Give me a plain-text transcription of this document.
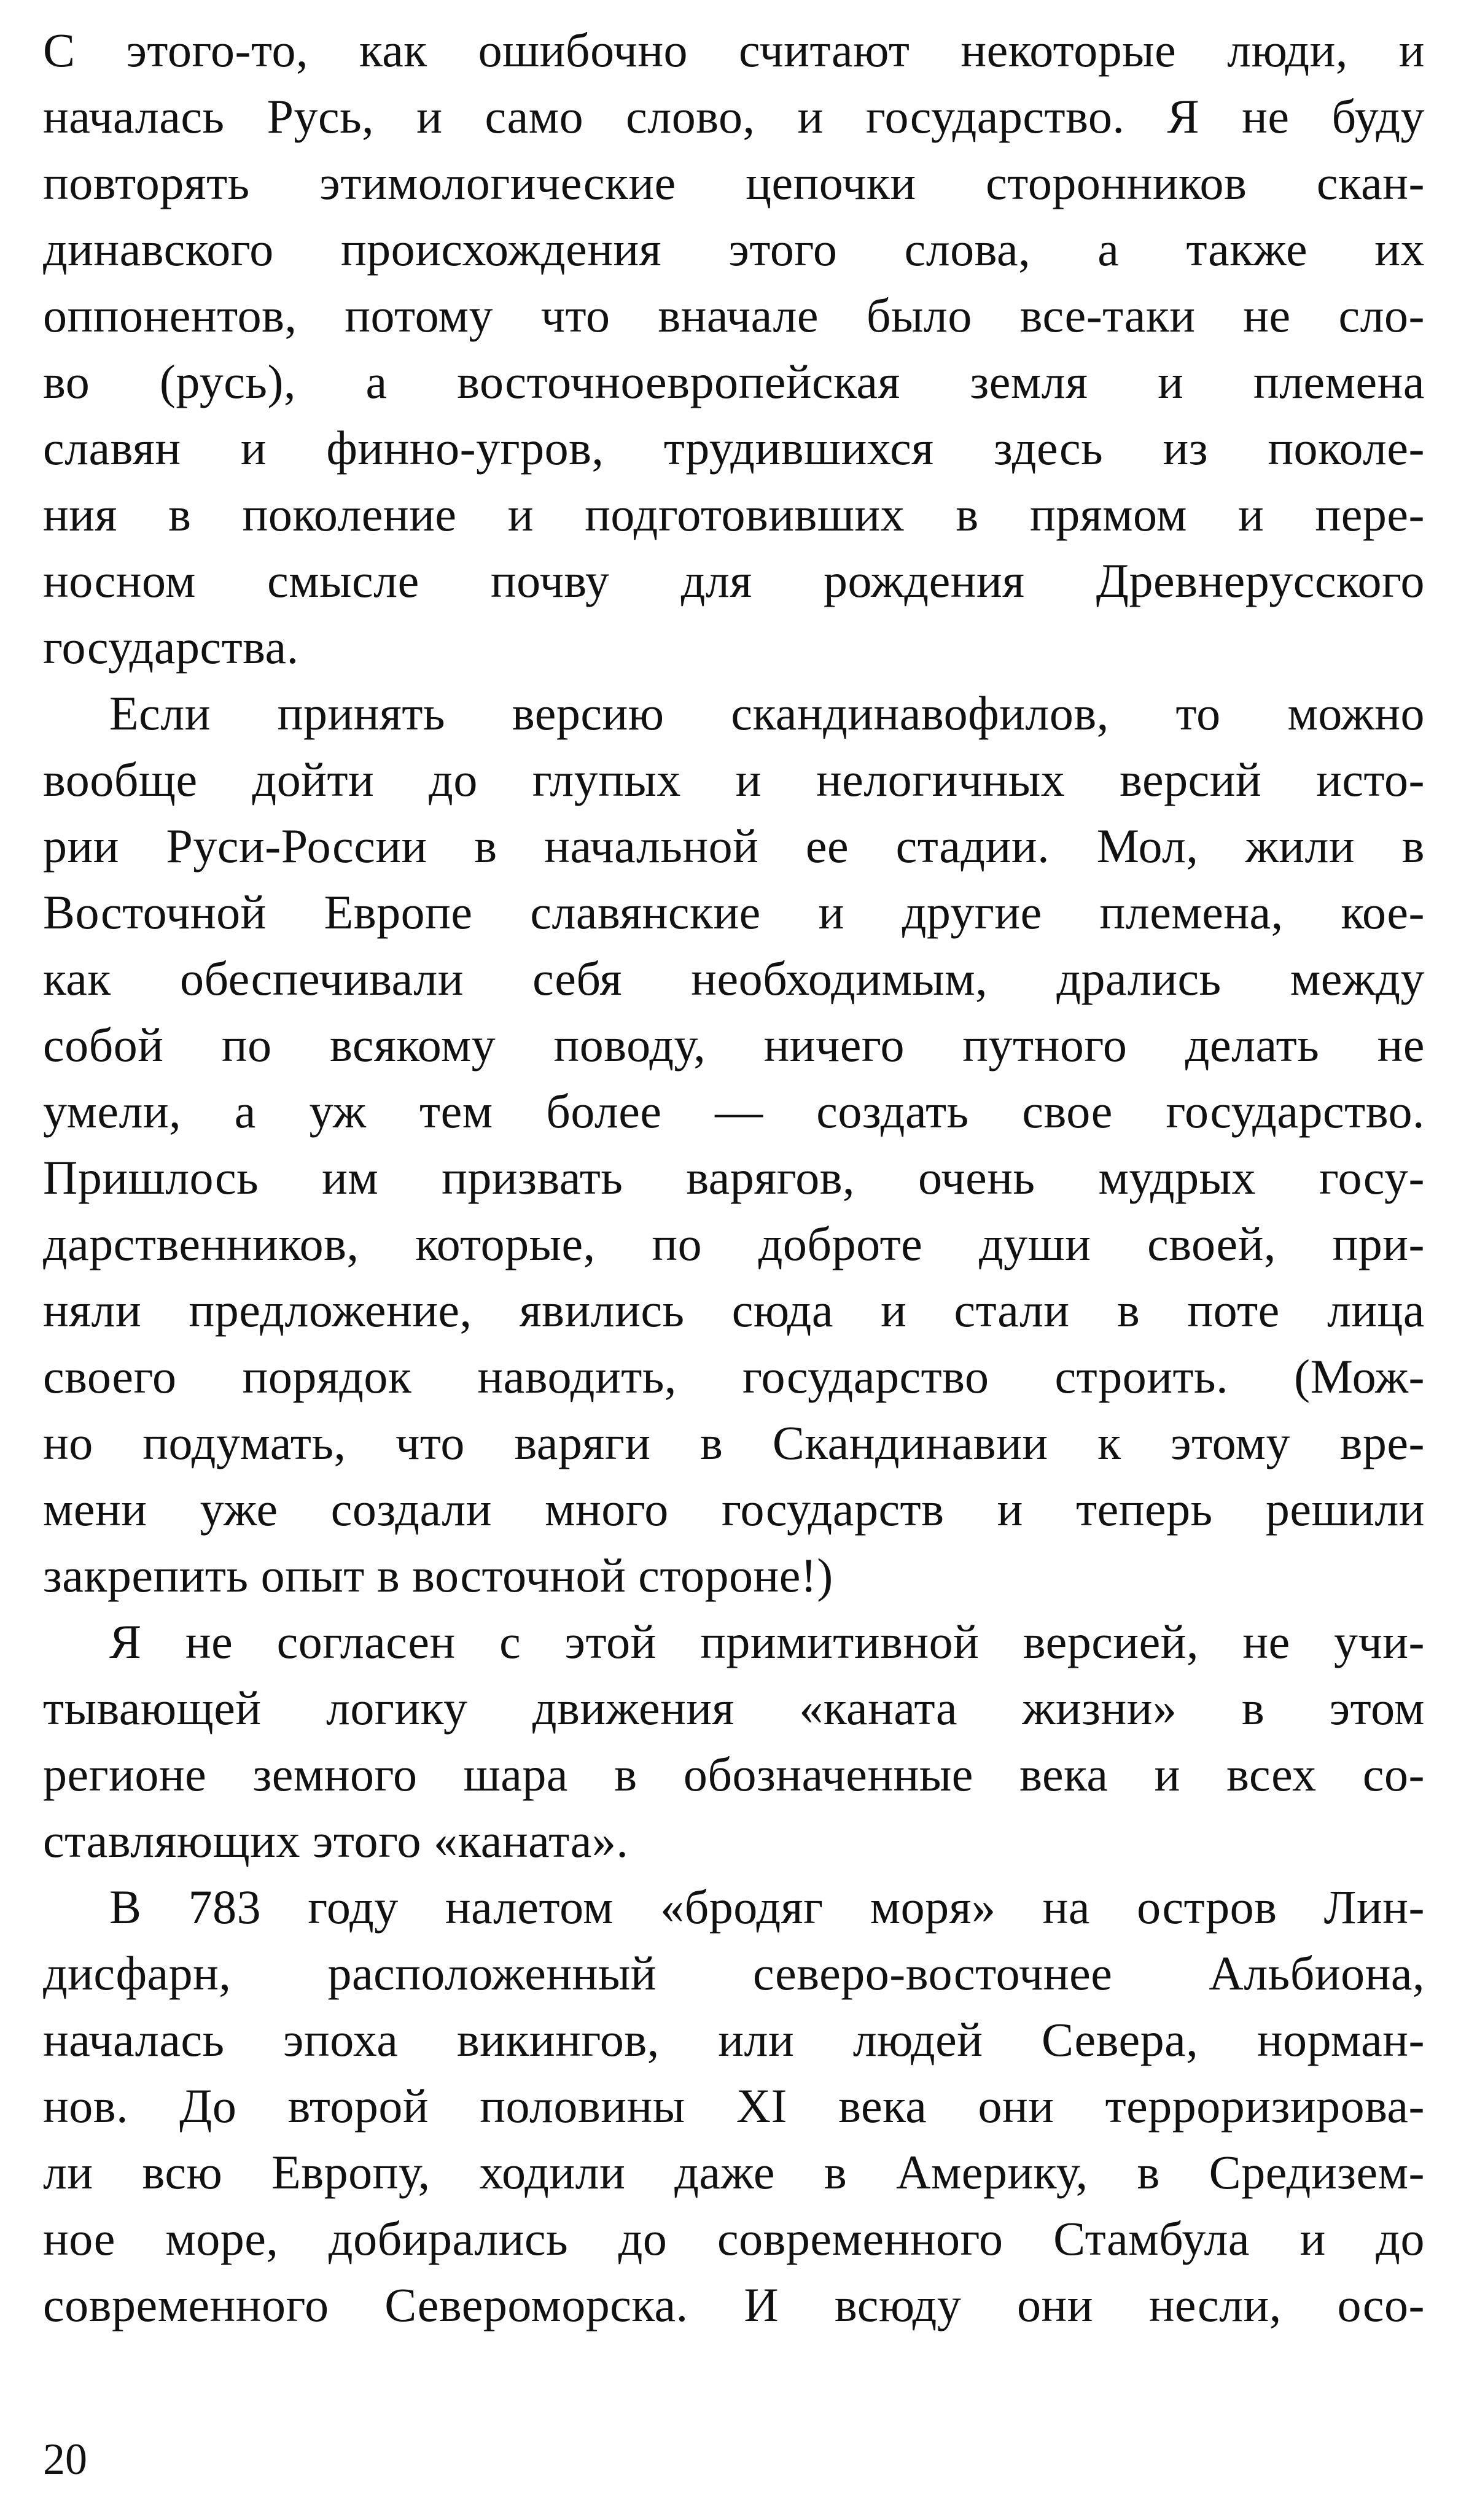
С этого-то, как ошибочно считают некоторые люди, и
началась Русь, и само слово, и государство. Я не буду
повторять этимологические цепочки сторонников скан-
динавского происхождения этого слова, а также их
оппонентов, потому что вначале было все-таки не сло-
во (русь), а восточноевропейская земля и племена
славян и финно-угров, трудившихся здесь из поколе-
ния в поколение и подготовивших в прямом и пере-
носном смысле почву для рождения Древнерусского
государства.
Если принять версию скандинавофилов, то можно
вообще дойти до глупых и нелогичных версий исто-
рии Руси-России в начальной ее стадии. Мол, жили в
Восточной Европе славянские и другие племена, кое-
как обеспечивали себя необходимым, дрались между
собой по всякому поводу, ничего путного делать не
умели, а уж тем более — создать свое государство.
Пришлось им призвать варягов, очень мудрых госу-
дарственников, которые, по доброте души своей, при-
няли предложение, явились сюда и стали в поте лица
своего порядок наводить, государство строить. (Мож-
но подумать, что варяги в Скандинавии к этому вре-
мени уже создали много государств и теперь решили
закрепить опыт в восточной стороне!)
Я не согласен с этой примитивной версией, не учи-
тывающей логику движения «каната жизни» в этом
регионе земного шара в обозначенные века и всех со-
ставляющих этого «каната».
В 783 году налетом «бродяг моря» на остров Лин-
дисфарн, расположенный северо-восточнее Альбиона,
началась эпоха викингов, или людей Севера, норман-
нов. До второй половины XI века они терроризирова-
ли всю Европу, ходили даже в Америку, в Средизем-
ное море, добирались до современного Стамбула и до
современного Североморска. И всюду они несли, осо-
20
